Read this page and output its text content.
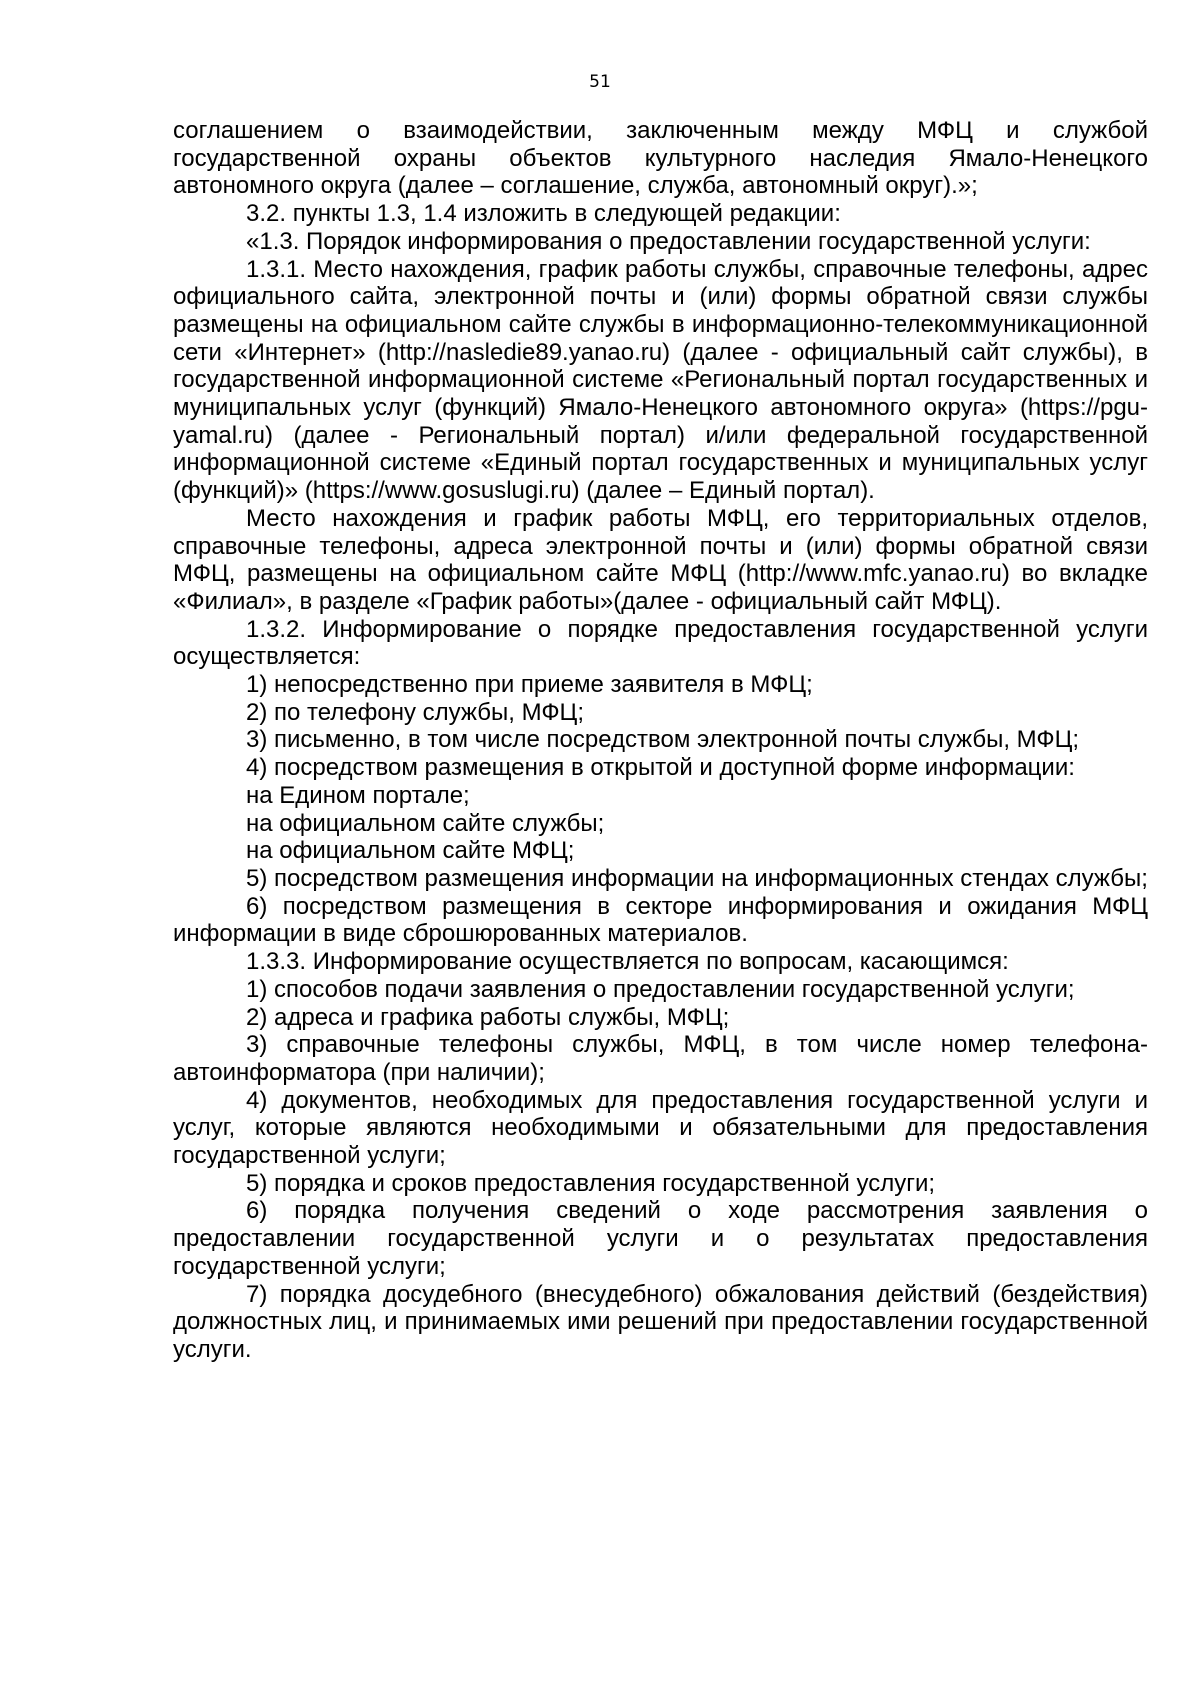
51

соглашением о взаимодействии, заключенным между МФЦ и службой государственной охраны объектов культурного наследия Ямало-Ненецкого автономного округа (далее – соглашение, служба, автономный округ).»;

3.2. пункты 1.3, 1.4 изложить в следующей редакции:

«1.3. Порядок информирования о предоставлении государственной услуги:

1.3.1. Место нахождения, график работы службы, справочные телефоны, адрес официального сайта, электронной почты и (или) формы обратной связи службы размещены на официальном сайте службы в информационно-телекоммуникационной сети «Интернет» (http://nasledie89.yanao.ru) (далее - официальный сайт службы), в государственной информационной системе «Региональный портал государственных и муниципальных услуг (функций) Ямало-Ненецкого автономного округа» (https://pgu-yamal.ru) (далее - Региональный портал) и/или федеральной государственной информационной системе «Единый портал государственных и муниципальных услуг (функций)» (https://www.gosuslugi.ru) (далее – Единый портал).

Место нахождения и график работы МФЦ, его территориальных отделов, справочные телефоны, адреса электронной почты и (или) формы обратной связи МФЦ, размещены на официальном сайте МФЦ (http://www.mfc.yanao.ru) во вкладке «Филиал», в разделе «График работы»(далее - официальный сайт МФЦ).

1.3.2. Информирование о порядке предоставления государственной услуги осуществляется:

1) непосредственно при приеме заявителя в МФЦ;

2) по телефону службы, МФЦ;

3) письменно, в том числе посредством электронной почты службы, МФЦ;

4) посредством размещения в открытой и доступной форме информации:

на Едином портале;

на официальном сайте службы;

на официальном сайте МФЦ;

5) посредством размещения информации на информационных стендах службы;

6) посредством размещения в секторе информирования и ожидания МФЦ информации в виде сброшюрованных материалов.

1.3.3. Информирование осуществляется по вопросам, касающимся:

1) способов подачи заявления о предоставлении государственной услуги;

2) адреса и графика работы службы, МФЦ;

3) справочные телефоны службы, МФЦ, в том числе номер телефона-автоинформатора (при наличии);

4) документов, необходимых для предоставления государственной услуги и услуг, которые являются необходимыми и обязательными для предоставления государственной услуги;

5) порядка и сроков предоставления государственной услуги;

6) порядка получения сведений о ходе рассмотрения заявления о предоставлении государственной услуги и о результатах предоставления государственной услуги;

7) порядка досудебного (внесудебного) обжалования действий (бездействия) должностных лиц, и принимаемых ими решений при предоставлении государственной услуги.
